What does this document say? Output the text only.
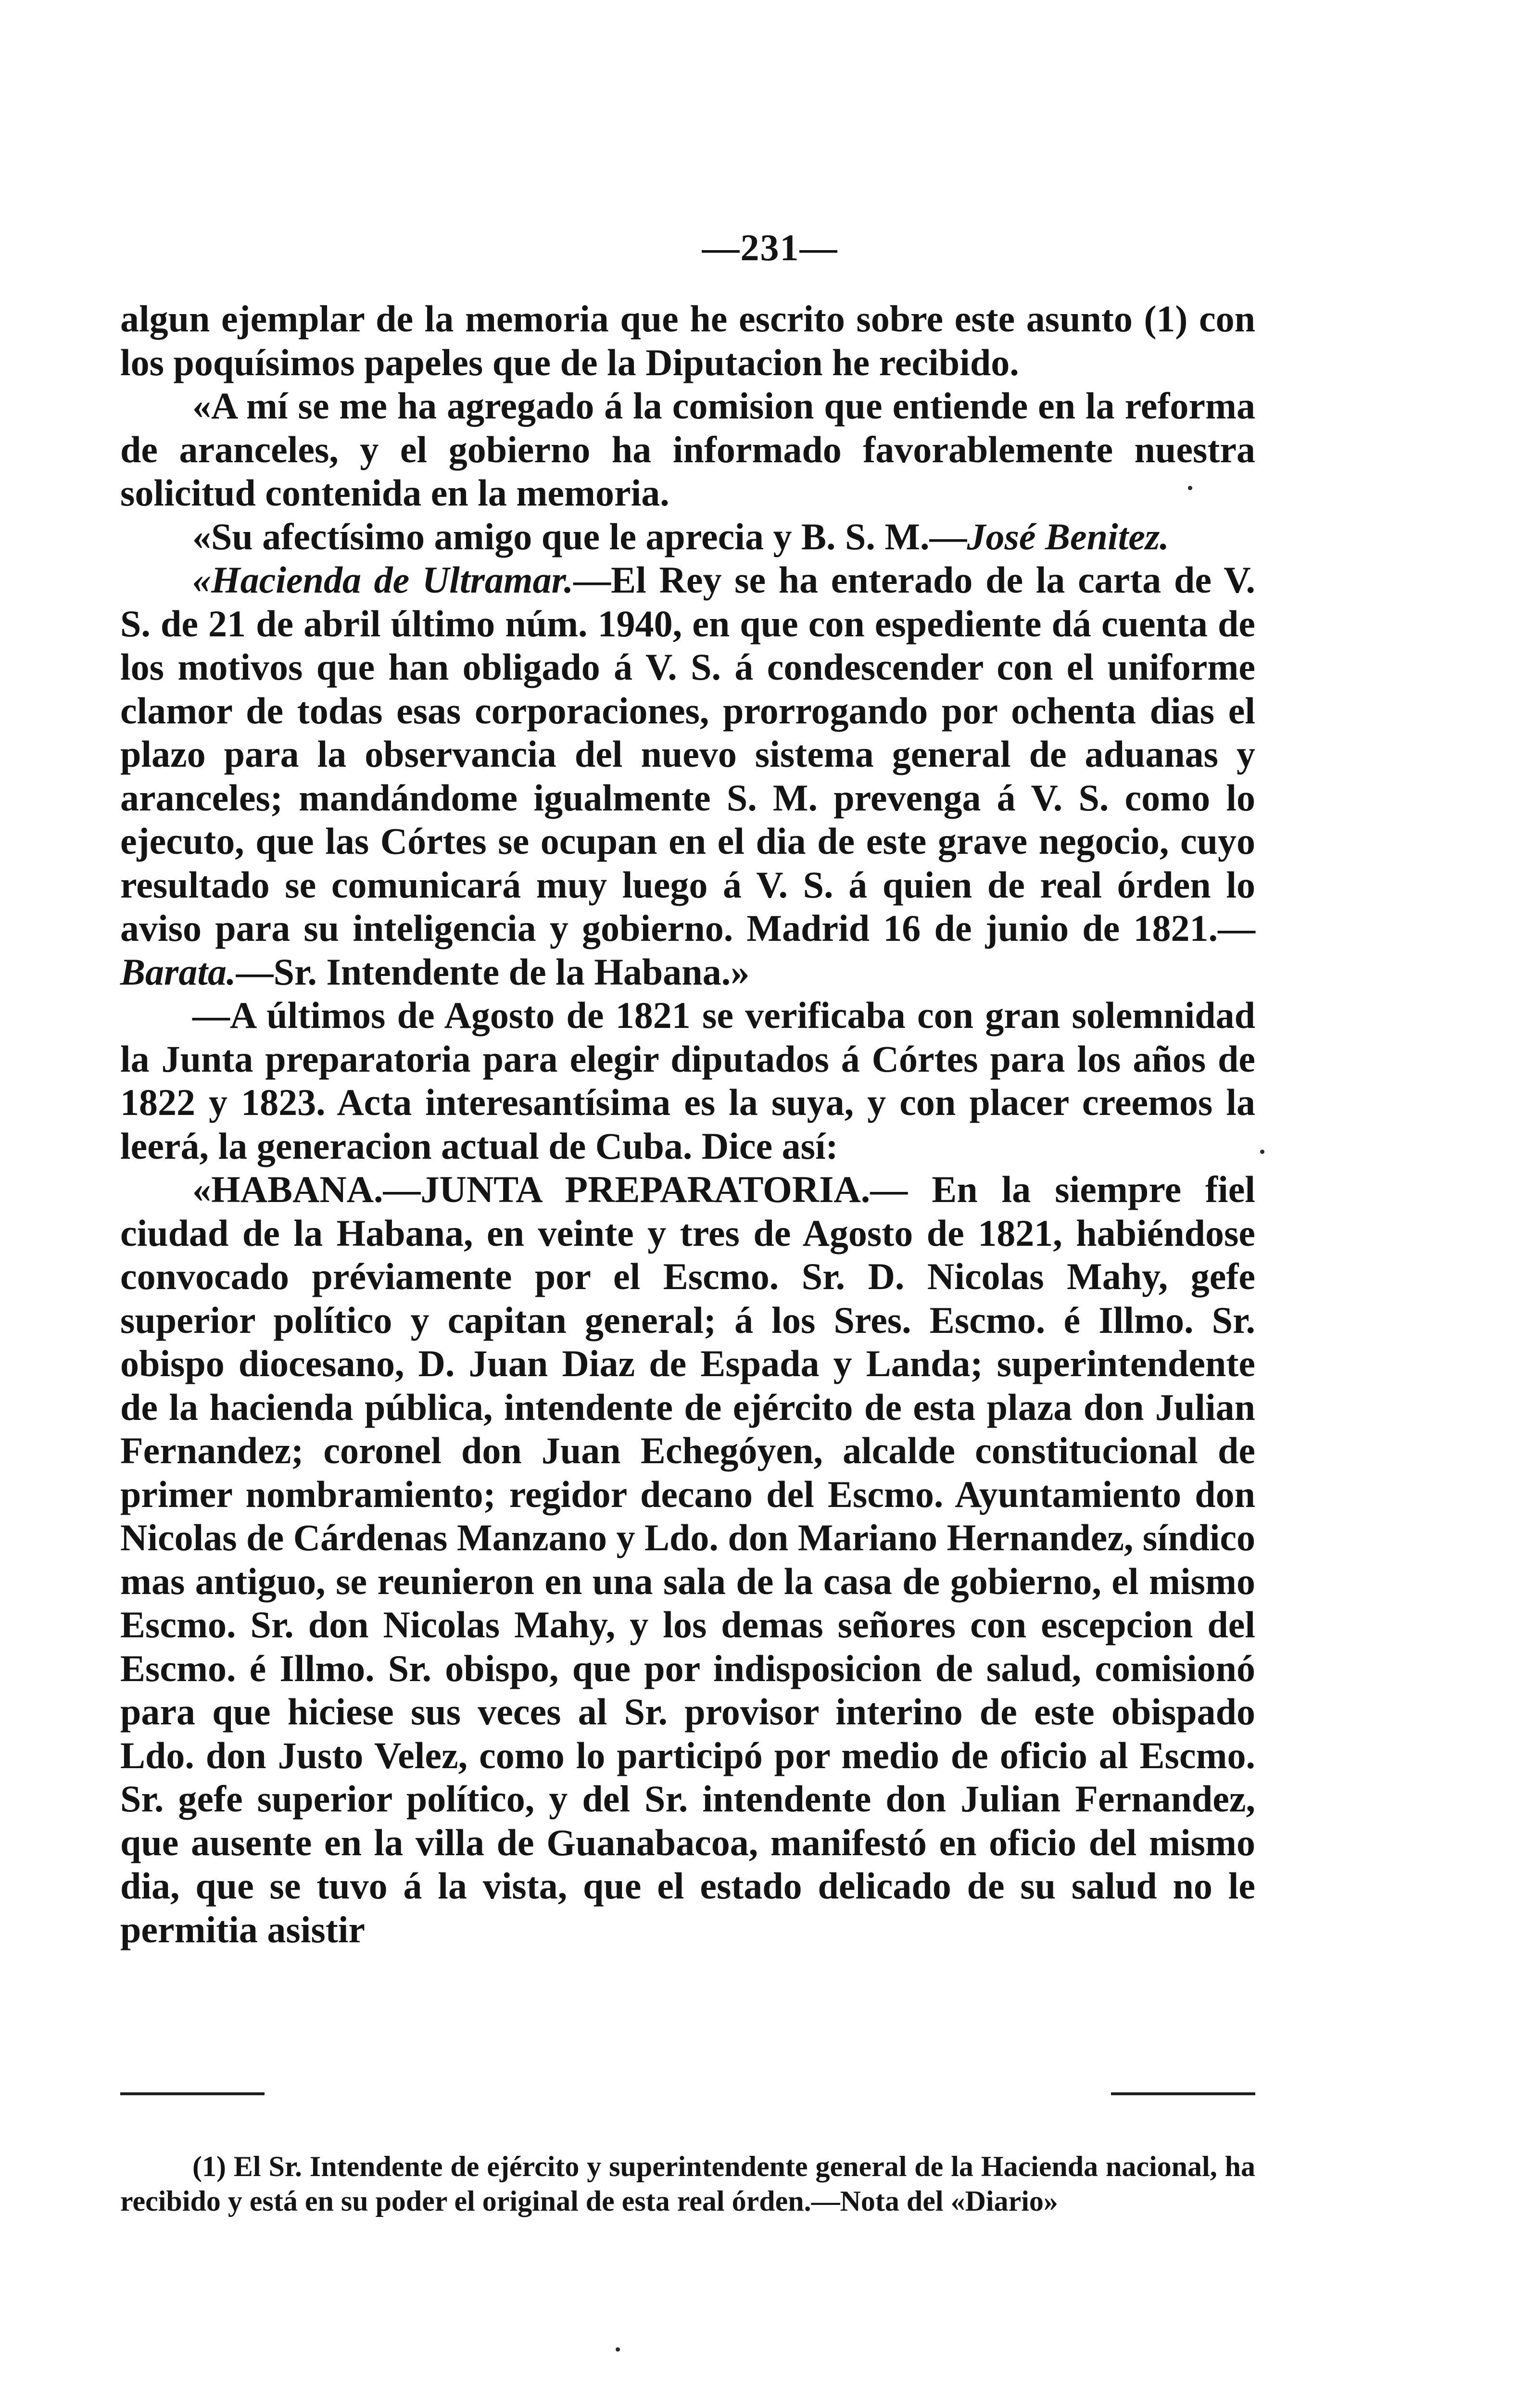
—231—

algun ejemplar de la memoria que he escrito sobre este asunto (1) con los poquísimos papeles que de la Diputacion he recibido.

«A mí se me ha agregado á la comision que entiende en la reforma de aranceles, y el gobierno ha informado favorablemente nuestra solicitud contenida en la memoria.

«Su afectísimo amigo que le aprecia y B. S. M.—José Benitez.

«Hacienda de Ultramar.—El Rey se ha enterado de la carta de V. S. de 21 de abril último núm. 1940, en que con espediente dá cuenta de los motivos que han obligado á V. S. á condescender con el uniforme clamor de todas esas corporaciones, prorrogando por ochenta dias el plazo para la observancia del nuevo sistema general de aduanas y aranceles; mandándome igualmente S. M. prevenga á V. S. como lo ejecuto, que las Córtes se ocupan en el dia de este grave negocio, cuyo resultado se comunicará muy luego á V. S. á quien de real órden lo aviso para su inteligencia y gobierno. Madrid 16 de junio de 1821.—Barata.—Sr. Intendente de la Habana.»

—A últimos de Agosto de 1821 se verificaba con gran solemnidad la Junta preparatoria para elegir diputados á Córtes para los años de 1822 y 1823. Acta interesantísima es la suya, y con placer creemos la leerá, la generacion actual de Cuba. Dice así:

«HABANA.—JUNTA PREPARATORIA.— En la siempre fiel ciudad de la Habana, en veinte y tres de Agosto de 1821, habiéndose convocado préviamente por el Escmo. Sr. D. Nicolas Mahy, gefe superior político y capitan general; á los Sres. Escmo. é Illmo. Sr. obispo diocesano, D. Juan Diaz de Espada y Landa; superintendente de la hacienda pública, intendente de ejército de esta plaza don Julian Fernandez; coronel don Juan Echegóyen, alcalde constitucional de primer nombramiento; regidor decano del Escmo. Ayuntamiento don Nicolas de Cárdenas Manzano y Ldo. don Mariano Hernandez, síndico mas antiguo, se reunieron en una sala de la casa de gobierno, el mismo Escmo. Sr. don Nicolas Mahy, y los demas señores con escepcion del Escmo. é Illmo. Sr. obispo, que por indisposicion de salud, comisionó para que hiciese sus veces al Sr. provisor interino de este obispado Ldo. don Justo Velez, como lo participó por medio de oficio al Escmo. Sr. gefe superior político, y del Sr. intendente don Julian Fernandez, que ausente en la villa de Guanabacoa, manifestó en oficio del mismo dia, que se tuvo á la vista, que el estado delicado de su salud no le permitia asistir

(1) El Sr. Intendente de ejército y superintendente general de la Hacienda nacional, ha recibido y está en su poder el original de esta real órden.—Nota del «Diario»
